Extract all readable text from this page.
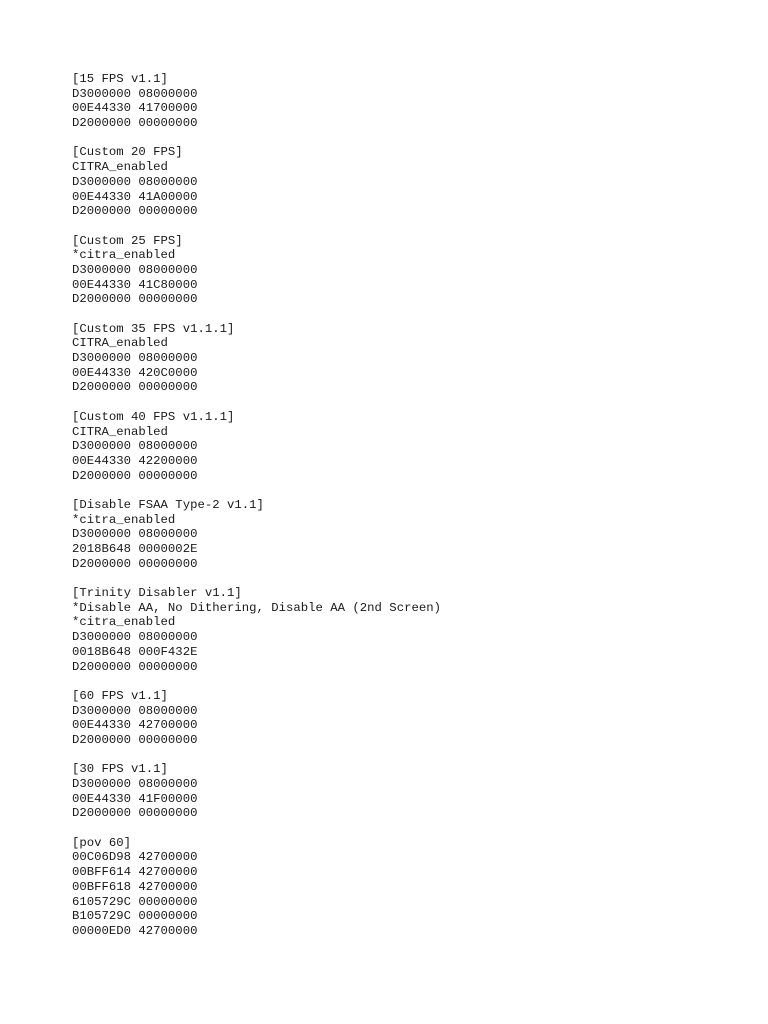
[15 FPS v1.1]
D3000000 08000000
00E44330 41700000
D2000000 00000000
[Custom 20 FPS]
CITRA_enabled
D3000000 08000000
00E44330 41A00000
D2000000 00000000
[Custom 25 FPS]
*citra_enabled
D3000000 08000000
00E44330 41C80000
D2000000 00000000
[Custom 35 FPS v1.1.1]
CITRA_enabled
D3000000 08000000
00E44330 420C0000
D2000000 00000000
[Custom 40 FPS v1.1.1]
CITRA_enabled
D3000000 08000000
00E44330 42200000
D2000000 00000000
[Disable FSAA Type-2 v1.1]
*citra_enabled
D3000000 08000000
2018B648 0000002E
D2000000 00000000
[Trinity Disabler v1.1]
*Disable AA, No Dithering, Disable AA (2nd Screen)
*citra_enabled
D3000000 08000000
0018B648 000F432E
D2000000 00000000
[60 FPS v1.1]
D3000000 08000000
00E44330 42700000
D2000000 00000000
[30 FPS v1.1]
D3000000 08000000
00E44330 41F00000
D2000000 00000000
[pov 60]
00C06D98 42700000
00BFF614 42700000
00BFF618 42700000
6105729C 00000000
B105729C 00000000
00000ED0 42700000
